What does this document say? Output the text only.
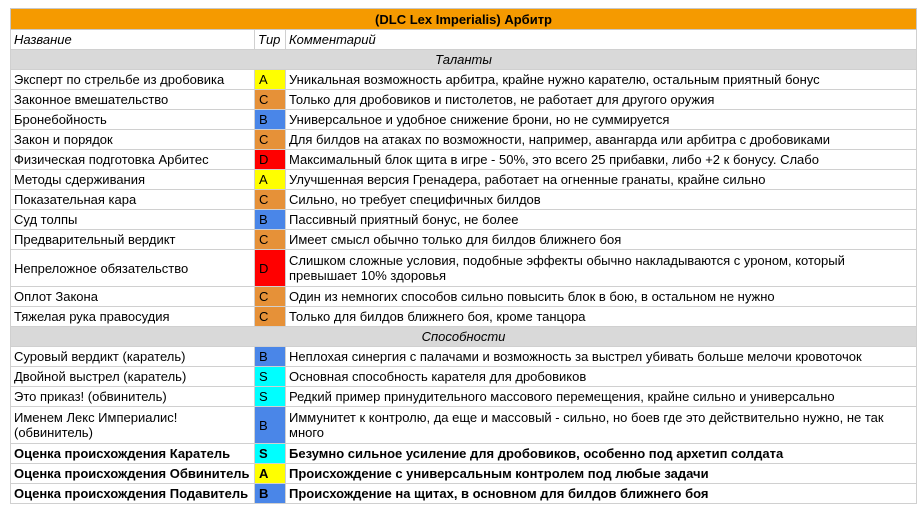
(DLC Lex Imperialis) Арбитр		
Название	Tир	Комментарий
Таланты		
Эксперт по стрельбе из дробовика	A	Уникальная возможность арбитра, крайне нужно карателю, остальным приятный бонус
Законное вмешательство	C	Только для дробовиков и пистолетов, не работает для другого оружия
Бронебойность	B	Универсальное и удобное снижение брони, но не суммируется
Закон и порядок	C	Для билдов на атаках по возможности, например, авангарда или арбитра с дробовиками
Физическая подготовка Арбитес	D	Максимальный блок щита в игре - 50%, это всего 25 прибавки, либо +2 к бонусу. Слабо
Методы сдерживания	A	Улучшенная версия Гренадера, работает на огненные гранаты, крайне сильно
Показательная кара	C	Сильно, но требует специфичных билдов
Суд толпы	B	Пассивный приятный бонус, не более
Предварительный вердикт	C	Имеет смысл обычно только для билдов ближнего боя
Непреложное обязательство	D	Слишком сложные условия, подобные эффекты обычно накладываются с уроном, который превышает 10% здоровья
Оплот Закона	C	Один из немногих способов сильно повысить блок в бою, в остальном не нужно
Тяжелая рука правосудия	C	Только для билдов ближнего боя, кроме танцора
Способности		
Суровый вердикт (каратель)	B	Неплохая синергия с палачами и возможность за выстрел убивать больше мелочи кровоточок
Двойной выстрел (каратель)	S	Основная способность карателя для дробовиков
Это приказ! (обвинитель)	S	Редкий пример принудительного массового перемещения, крайне сильно и универсально
Именем Лекс Империалис! (обвинитель)	B	Иммунитет к контролю, да еще и массовый - сильно, но боев где это действительно нужно, не так много
Оценка происхождения Каратель	S	Безумно сильное усиление для дробовиков, особенно под архетип солдата
Оценка происхождения Обвинитель	A	Происхождение с универсальным контролем под любые задачи
Оценка происхождения Подавитель	B	Происхождение на щитах, в основном для билдов ближнего боя
